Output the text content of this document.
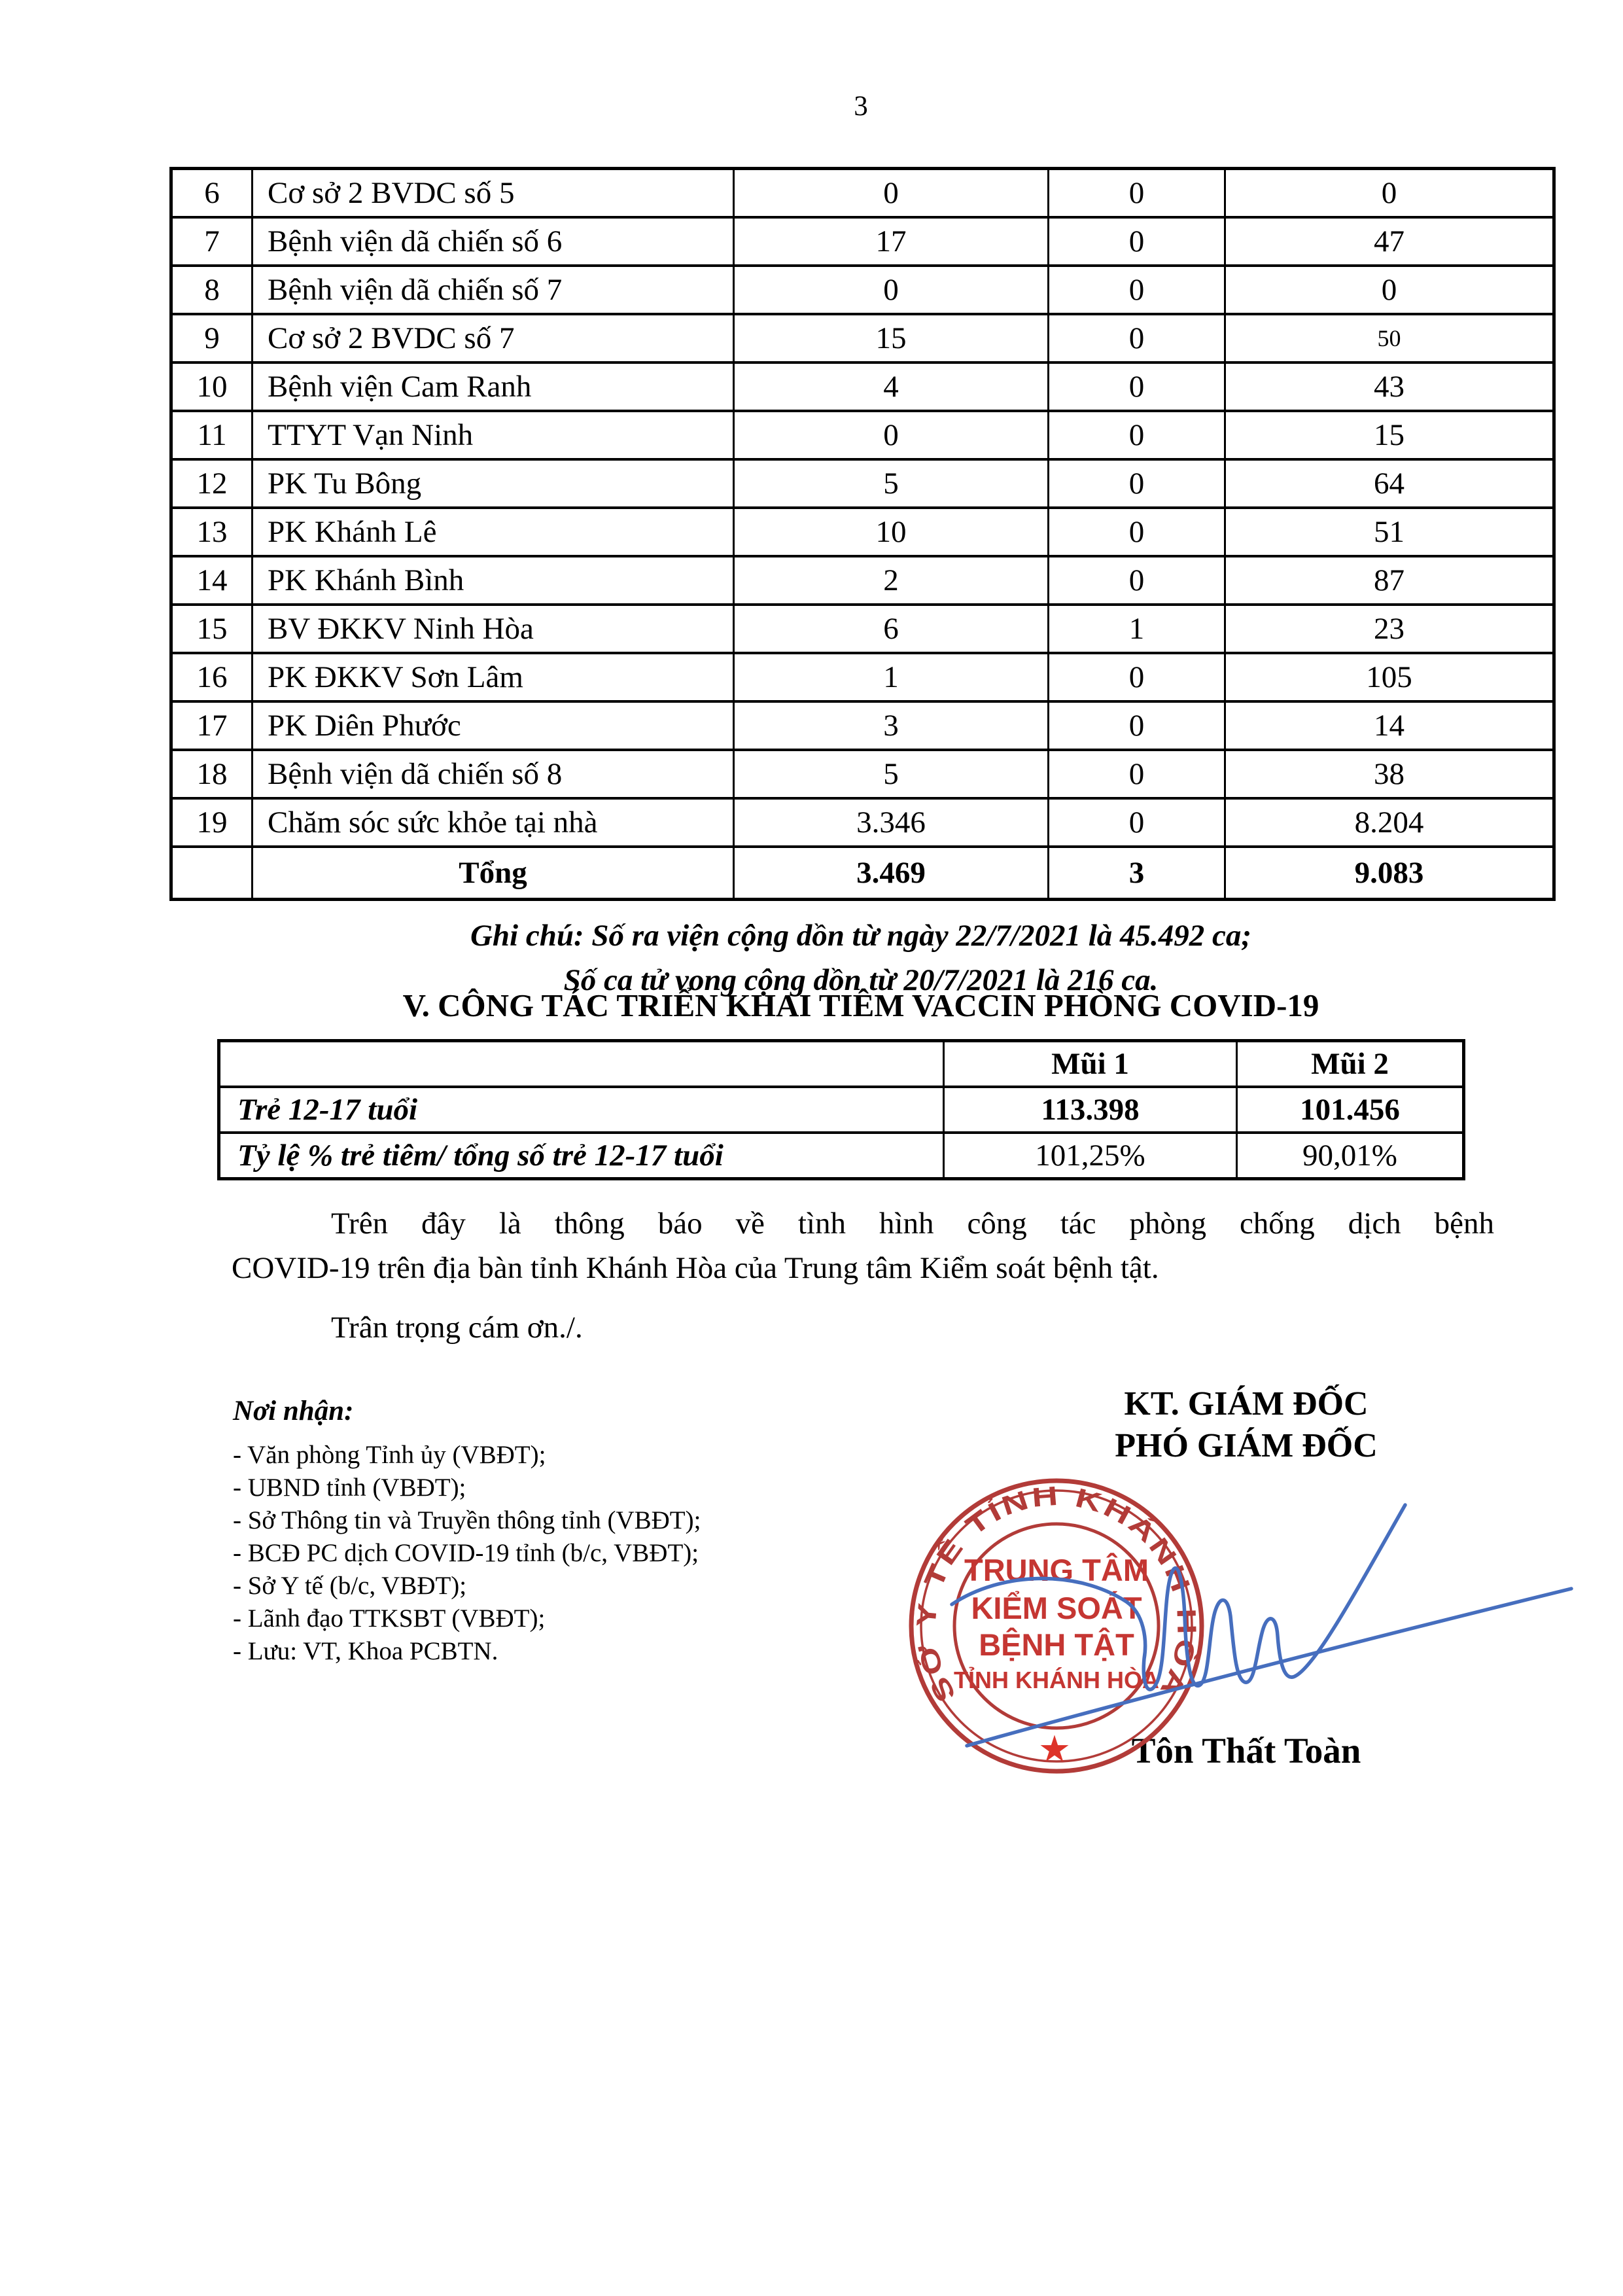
3
6	Cơ sở 2 BVDC số 5	0	0	0
7	Bệnh viện dã chiến số 6	17	0	47
8	Bệnh viện dã chiến số 7	0	0	0
9	Cơ sở 2 BVDC số 7	15	0	50
10	Bệnh viện Cam Ranh	4	0	43
11	TTYT Vạn Ninh	0	0	15
12	PK Tu Bông	5	0	64
13	PK Khánh Lê	10	0	51
14	PK Khánh Bình	2	0	87
15	BV ĐKKV Ninh Hòa	6	1	23
16	PK ĐKKV Sơn Lâm	1	0	105
17	PK Diên Phước	3	0	14
18	Bệnh viện dã chiến số 8	5	0	38
19	Chăm sóc sức khỏe tại nhà	3.346	0	8.204
	Tổng	3.469	3	9.083
Ghi chú: Số ra viện cộng dồn từ ngày 22/7/2021 là 45.492 ca;
Số ca tử vong cộng dồn từ 20/7/2021 là 216 ca.
V. CÔNG TÁC TRIỂN KHAI TIÊM VACCIN PHÒNG COVID-19
	Mũi 1	Mũi 2
Trẻ 12-17 tuổi	113.398	101.456
Tỷ lệ % trẻ tiêm/ tổng số trẻ 12-17 tuổi	101,25%	90,01%
Trên đây là thông báo về tình hình công tác phòng chống dịch bệnh
COVID-19 trên địa bàn tỉnh Khánh Hòa của Trung tâm Kiểm soát bệnh tật.
Trân trọng cám ơn./.
Nơi nhận:
- Văn phòng Tỉnh ủy (VBĐT);
- UBND tỉnh (VBĐT);
- Sở Thông tin và Truyền thông tỉnh (VBĐT);
- BCĐ PC dịch COVID-19 tỉnh (b/c, VBĐT);
- Sở Y tế (b/c, VBĐT);
- Lãnh đạo TTKSBT (VBĐT);
- Lưu: VT, Khoa PCBTN.
KT. GIÁM ĐỐC
PHÓ GIÁM ĐỐC
Tôn Thất Toàn
SỞ Y TẾ TỈNH KHÁNH HÒA
TRUNG TÂM
KIỂM SOÁT
BỆNH TẬT
TỈNH KHÁNH HÒA
★
